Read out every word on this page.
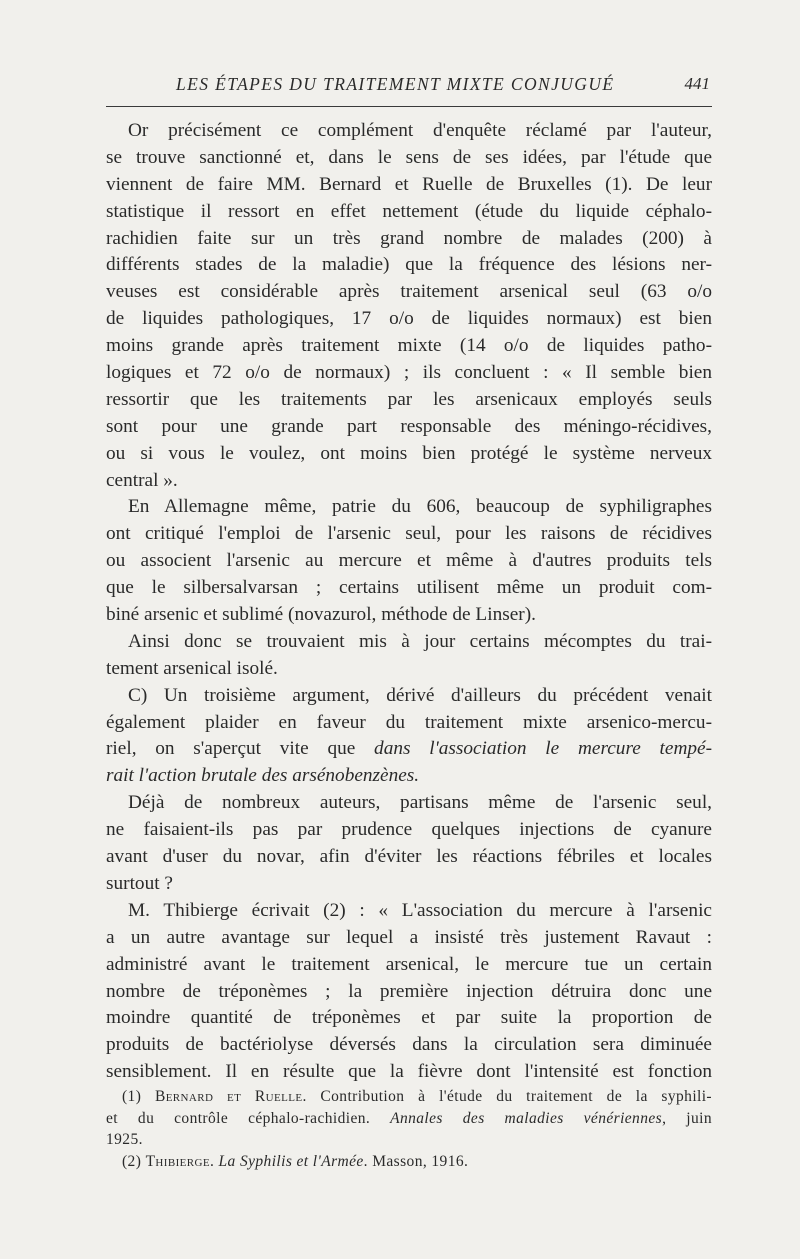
LES ÉTAPES DU TRAITEMENT MIXTE CONJUGUÉ	441
Or précisément ce complément d'enquête réclamé par l'auteur,
se trouve sanctionné et, dans le sens de ses idées, par l'étude que
viennent de faire MM. Bernard et Ruelle de Bruxelles (1). De leur
statistique il ressort en effet nettement (étude du liquide céphalo-
rachidien faite sur un très grand nombre de malades (200) à
différents stades de la maladie) que la fréquence des lésions ner-
veuses est considérable après traitement arsenical seul (63 o/o
de liquides pathologiques, 17 o/o de liquides normaux) est bien
moins grande après traitement mixte (14 o/o de liquides patho-
logiques et 72 o/o de normaux) ; ils concluent : « Il semble bien
ressortir que les traitements par les arsenicaux employés seuls
sont pour une grande part responsable des méningo-récidives,
ou si vous le voulez, ont moins bien protégé le système nerveux
central ».
En Allemagne même, patrie du 606, beaucoup de syphiligraphes
ont critiqué l'emploi de l'arsenic seul, pour les raisons de récidives
ou associent l'arsenic au mercure et même à d'autres produits tels
que le silbersalvarsan ; certains utilisent même un produit com-
biné arsenic et sublimé (novazurol, méthode de Linser).
Ainsi donc se trouvaient mis à jour certains mécomptes du trai-
tement arsenical isolé.
C) Un troisième argument, dérivé d'ailleurs du précédent venait
également plaider en faveur du traitement mixte arsenico-mercu-
riel, on s'aperçut vite que dans l'association le mercure tempé-
rait l'action brutale des arsénobenzènes.
Déjà de nombreux auteurs, partisans même de l'arsenic seul,
ne faisaient-ils pas par prudence quelques injections de cyanure
avant d'user du novar, afin d'éviter les réactions fébriles et locales
surtout ?
M. Thibierge écrivait (2) : « L'association du mercure à l'arsenic
a un autre avantage sur lequel a insisté très justement Ravaut :
administré avant le traitement arsenical, le mercure tue un certain
nombre de tréponèmes ; la première injection détruira donc une
moindre quantité de tréponèmes et par suite la proportion de
produits de bactériolyse déversés dans la circulation sera diminuée
sensiblement. Il en résulte que la fièvre dont l'intensité est fonction
(1) Bernard et Ruelle. Contribution à l'étude du traitement de la syphili-
et du contrôle céphalo-rachidien. Annales des maladies vénériennes, juin
1925.
(2) Thibierge. La Syphilis et l'Armée. Masson, 1916.
